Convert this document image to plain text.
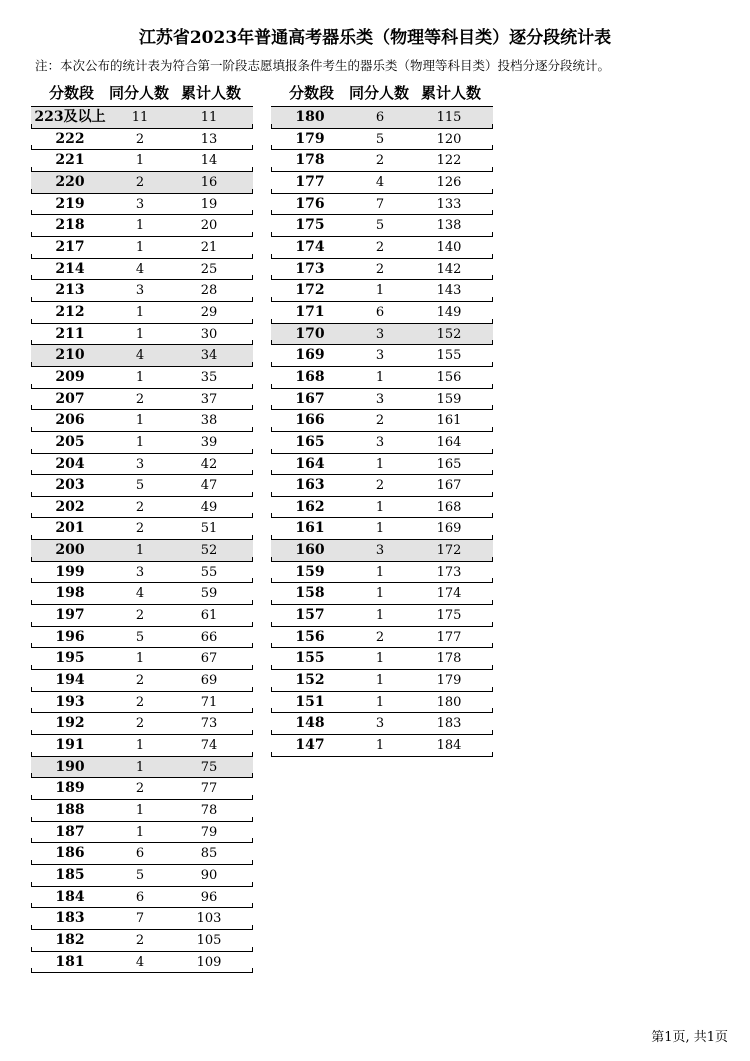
江苏省2023年普通高考器乐类（物理等科目类）逐分段统计表
注：本次公布的统计表为符合第一阶段志愿填报条件考生的器乐类（物理等科目类）投档分逐分段统计。
分数段 同分人数 累计人数
223及以上	11	11
222	2	13
221	1	14
220	2	16
219	3	19
218	1	20
217	1	21
214	4	25
213	3	28
212	1	29
211	1	30
210	4	34
209	1	35
207	2	37
206	1	38
205	1	39
204	3	42
203	5	47
202	2	49
201	2	51
200	1	52
199	3	55
198	4	59
197	2	61
196	5	66
195	1	67
194	2	69
193	2	71
192	2	73
191	1	74
190	1	75
189	2	77
188	1	78
187	1	79
186	6	85
185	5	90
184	6	96
183	7	103
182	2	105
181	4	109
分数段 同分人数 累计人数
180	6	115
179	5	120
178	2	122
177	4	126
176	7	133
175	5	138
174	2	140
173	2	142
172	1	143
171	6	149
170	3	152
169	3	155
168	1	156
167	3	159
166	2	161
165	3	164
164	1	165
163	2	167
162	1	168
161	1	169
160	3	172
159	1	173
158	1	174
157	1	175
156	2	177
155	1	178
152	1	179
151	1	180
148	3	183
147	1	184
第1页, 共1页
